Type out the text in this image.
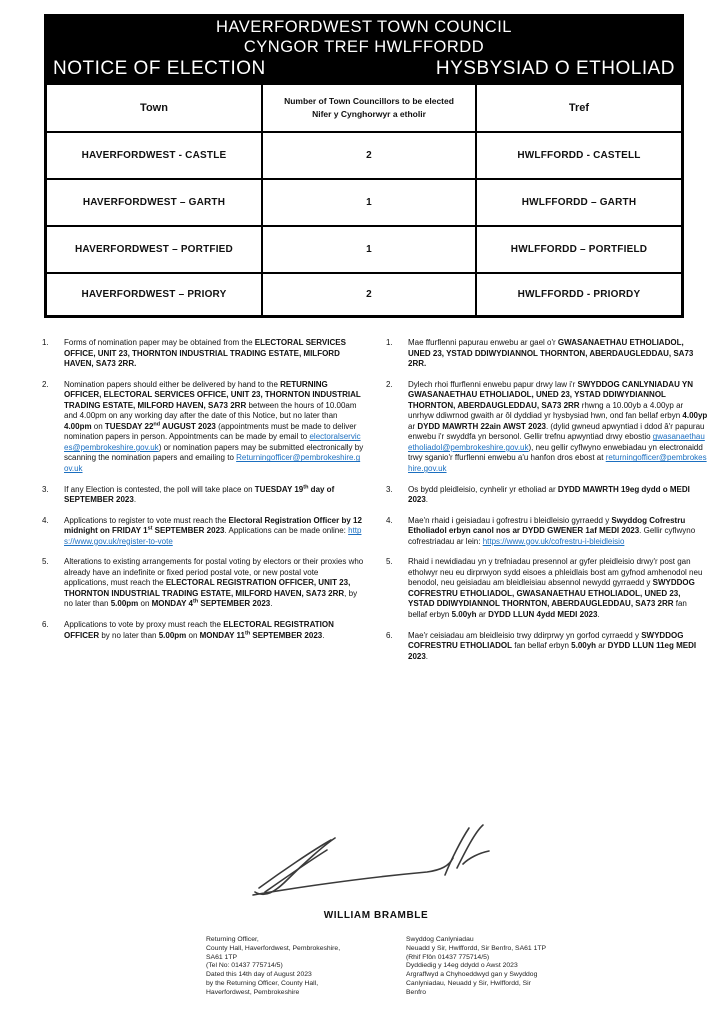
HAVERFORDWEST TOWN COUNCIL
CYNGOR TREF HWLFFORDD
NOTICE OF ELECTION	HYSBYSIAD O ETHOLIAD
Town
Number of Town Councillors to be elected
Nifer y Cynghorwyr a etholir	Tref
HAVERFORDWEST - CASTLE	2	HWLFFORDD - CASTELL
HAVERFORDWEST – GARTH	1	HWLFFORDD – GARTH
HAVERFORDWEST – PORTFIED	1	HWLFFORDD – PORTFIELD
HAVERFORDWEST – PRIORY	2	HWLFFORDD - PRIORDY
1.	Forms of nomination paper may be obtained from the ELECTORAL SERVICES OFFICE, UNIT 23, THORNTON INDUSTRIAL TRADING ESTATE, MILFORD HAVEN, SA73 2RR.
2.	Nomination papers should either be delivered by hand to the RETURNING OFFICER, ELECTORAL SERVICES OFFICE, UNIT 23, THORNTON INDUSTRIAL TRADING ESTATE, MILFORD HAVEN, SA73 2RR between the hours of 10.00am and 4.00pm on any working day after the date of this Notice, but no later than 4.00pm on TUESDAY 22nd AUGUST 2023 (appointments must be made to deliver nomination papers in person. Appointments can be made by email to electoralservices@pembrokeshire.gov.uk) or nomination papers may be submitted electronically by scanning the nomination papers and emailing to Returningofficer@pembrokeshire.gov.uk
3.	If any Election is contested, the poll will take place on TUESDAY 19th day of SEPTEMBER 2023.
4.	Applications to register to vote must reach the Electoral Registration Officer by 12 midnight on FRIDAY 1st SEPTEMBER 2023. Applications can be made online: https://www.gov.uk/register-to-vote
5.	Alterations to existing arrangements for postal voting by electors or their proxies who already have an indefinite or fixed period postal vote, or new postal vote applications, must reach the ELECTORAL REGISTRATION OFFICER, UNIT 23, THORNTON INDUSTRIAL TRADING ESTATE, MILFORD HAVEN, SA73 2RR, by no later than 5.00pm on MONDAY 4th SEPTEMBER 2023.
6.	Applications to vote by proxy must reach the ELECTORAL REGISTRATION OFFICER by no later than 5.00pm on MONDAY 11th SEPTEMBER 2023.
1.	Mae ffurflenni papurau enwebu ar gael o'r GWASANAETHAU ETHOLIADOL, UNED 23, YSTAD DDIWYDIANNOL THORNTON, ABERDAUGLEDDAU, SA73 2RR.
2.	Dylech rhoi ffurflenni enwebu papur drwy law i'r SWYDDOG CANLYNIADAU YN GWASANAETHAU ETHOLIADOL, UNED 23, YSTAD DDIWYDIANNOL THORNTON, ABERDAUGLEDDAU, SA73 2RR rhwng a 10.00yb a 4.00yp ar unrhyw ddiwrnod gwaith ar ôl dyddiad yr hysbysiad hwn, ond fan bellaf erbyn 4.00yp ar DYDD MAWRTH 22ain AWST 2023. (dylid gwneud apwyntiad i ddod â'r papurau enwebu i'r swyddfa yn bersonol. Gellir trefnu apwyntiad drwy ebostio gwasanaethauetholiadol@pembrokeshire.gov.uk), neu gellir cyflwyno enwebiadau yn electronaidd trwy sganio'r ffurflenni enwebu a'u hanfon dros ebost at returningofficer@pembrokeshire.gov.uk
3.	Os bydd pleidleisio, cynhelir yr etholiad ar DYDD MAWRTH 19eg dydd o MEDI 2023.
4.	Mae'n rhaid i geisiadau i gofrestru i bleidleisio gyrraedd y Swyddog Cofrestru Etholiadol erbyn canol nos ar DYDD GWENER 1af MEDI 2023. Gellir cyflwyno cofrestriadau ar lein: https://www.gov.uk/cofrestru-i-bleidleisio
5.	Rhaid i newidiadau yn y trefniadau presennol ar gyfer pleidleisio drwy'r post gan etholwyr neu eu dirprwyon sydd eisoes a phleidlais bost am gyfnod amhenodol neu benodol, neu geisiadau am bleidleisiau absennol newydd gyrraedd y SWYDDOG COFRESTRU ETHOLIADOL, GWASANAETHAU ETHOLIADOL, UNED 23, YSTAD DDIWYDIANNOL THORNTON, ABERDAUGLEDDAU, SA73 2RR fan bellaf erbyn 5.00yh ar DYDD LLUN 4ydd MEDI 2023.
6.	Mae'r ceisiadau am bleidleisio trwy ddirprwy yn gorfod cyrraedd y SWYDDOG COFRESTRU ETHOLIADOL fan bellaf erbyn 5.00yh ar DYDD LLUN 11eg MEDI 2023.
WILLIAM BRAMBLE
Returning Officer,
County Hall, Haverfordwest, Pembrokeshire,
SA61 1TP
(Tel No: 01437 775714/5)
Dated this 14th day of August 2023
by the Returning Officer, County Hall,
Haverfordwest, Pembrokeshire
Swyddog Canlyniadau
Neuadd y Sir, Hwlffordd, Sir Benfro, SA61 1TP
(Rhif Ffôn 01437 775714/5)
Dyddiedig y 14eg ddydd o Awst 2023
Argraffwyd a Chyhoeddwyd gan y Swyddog
Canlyniadau, Neuadd y Sir, Hwlffordd, Sir
Benfro
